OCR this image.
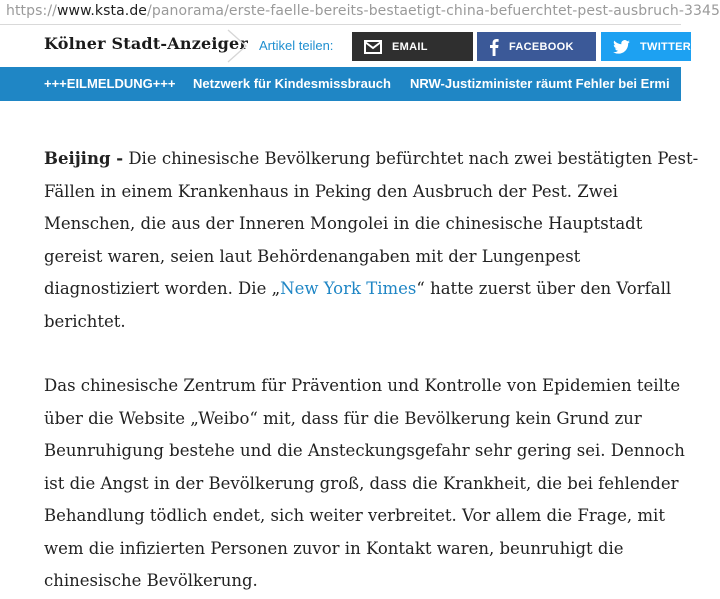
https://www.ksta.de/panorama/erste-faelle-bereits-bestaetigt-china-befuerchtet-pest-ausbruch-3345
Kölner Stadt-Anzeiger Artikel teilen:	EMAIL	FACEBOOK	TWITTER
+++EILMELDUNG+++ Netzwerk für Kindesmissbrauch NRW-Justizminister räumt Fehler bei Ermi

Beijing - Die chinesische Bevölkerung befürchtet nach zwei bestätigten Pest-
Fällen in einem Krankenhaus in Peking den Ausbruch der Pest. Zwei
Menschen, die aus der Inneren Mongolei in die chinesische Hauptstadt
gereist waren, seien laut Behördenangaben mit der Lungenpest
diagnostiziert worden. Die „New York Times“ hatte zuerst über den Vorfall
berichtet.

Das chinesische Zentrum für Prävention und Kontrolle von Epidemien teilte
über die Website „Weibo“ mit, dass für die Bevölkerung kein Grund zur
Beunruhigung bestehe und die Ansteckungsgefahr sehr gering sei. Dennoch
ist die Angst in der Bevölkerung groß, dass die Krankheit, die bei fehlender
Behandlung tödlich endet, sich weiter verbreitet. Vor allem die Frage, mit
wem die infizierten Personen zuvor in Kontakt waren, beunruhigt die
chinesische Bevölkerung.
